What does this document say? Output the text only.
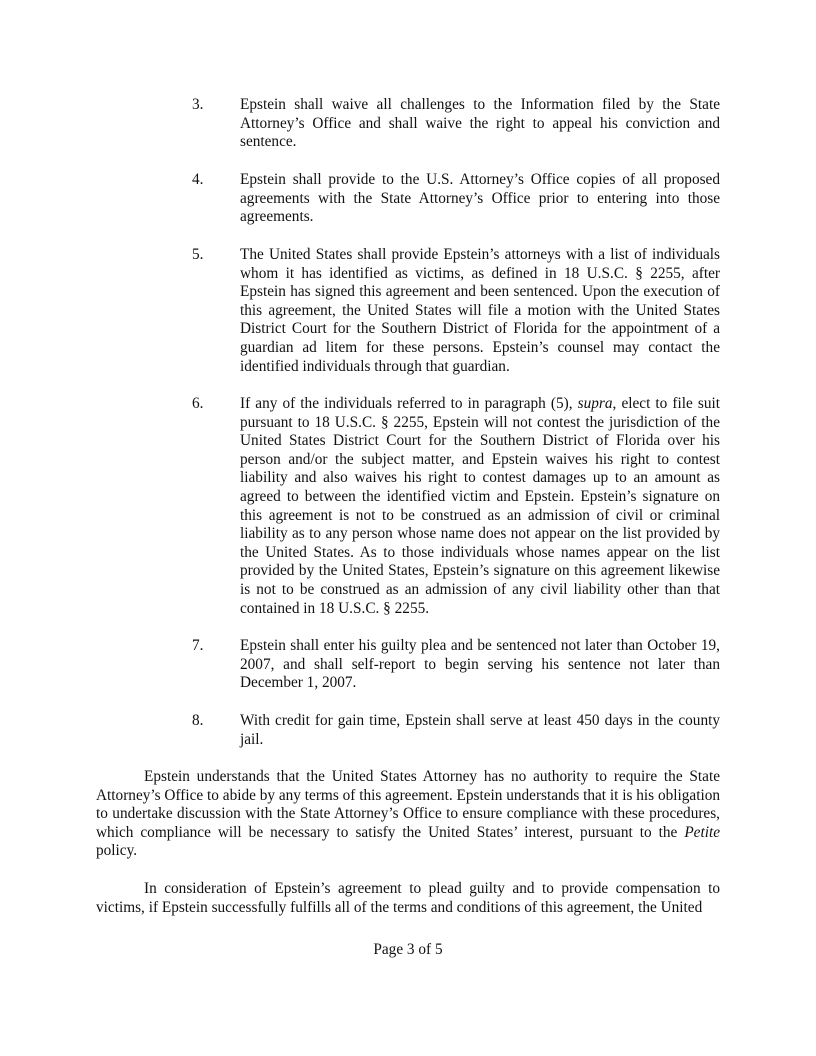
3. Epstein shall waive all challenges to the Information filed by the State Attorney’s Office and shall waive the right to appeal his conviction and sentence.
4. Epstein shall provide to the U.S. Attorney’s Office copies of all proposed agreements with the State Attorney’s Office prior to entering into those agreements.
5. The United States shall provide Epstein’s attorneys with a list of individuals whom it has identified as victims, as defined in 18 U.S.C. § 2255, after Epstein has signed this agreement and been sentenced. Upon the execution of this agreement, the United States will file a motion with the United States District Court for the Southern District of Florida for the appointment of a guardian ad litem for these persons. Epstein’s counsel may contact the identified individuals through that guardian.
6. If any of the individuals referred to in paragraph (5), supra, elect to file suit pursuant to 18 U.S.C. § 2255, Epstein will not contest the jurisdiction of the United States District Court for the Southern District of Florida over his person and/or the subject matter, and Epstein waives his right to contest liability and also waives his right to contest damages up to an amount as agreed to between the identified victim and Epstein. Epstein’s signature on this agreement is not to be construed as an admission of civil or criminal liability as to any person whose name does not appear on the list provided by the United States. As to those individuals whose names appear on the list provided by the United States, Epstein’s signature on this agreement likewise is not to be construed as an admission of any civil liability other than that contained in 18 U.S.C. § 2255.
7. Epstein shall enter his guilty plea and be sentenced not later than October 19, 2007, and shall self-report to begin serving his sentence not later than December 1, 2007.
8. With credit for gain time, Epstein shall serve at least 450 days in the county jail.
Epstein understands that the United States Attorney has no authority to require the State Attorney’s Office to abide by any terms of this agreement. Epstein understands that it is his obligation to undertake discussion with the State Attorney’s Office to ensure compliance with these procedures, which compliance will be necessary to satisfy the United States’ interest, pursuant to the Petite policy.
In consideration of Epstein’s agreement to plead guilty and to provide compensation to victims, if Epstein successfully fulfills all of the terms and conditions of this agreement, the United
Page 3 of 5
